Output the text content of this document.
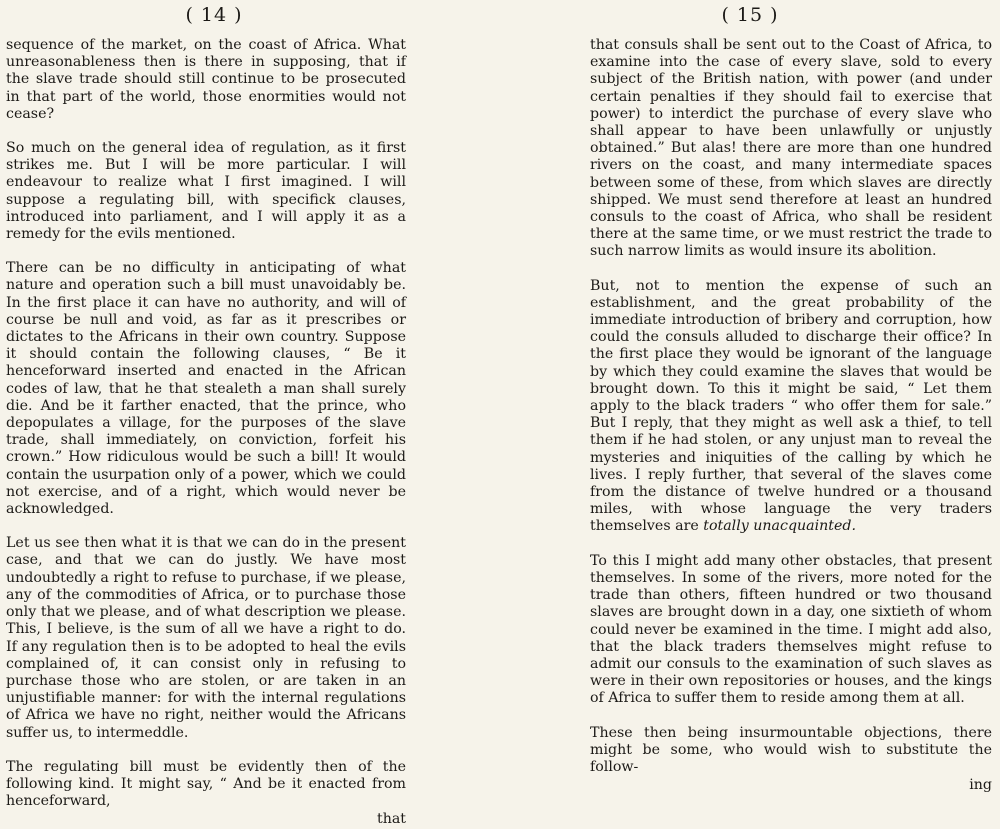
( 14 )

sequence of the market, on the coast of Africa. What unreasonableness then is there in supposing, that if the slave trade should still continue to be prosecuted in that part of the world, those enormities would not cease?

So much on the general idea of regulation, as it first strikes me. But I will be more particular. I will endeavour to realize what I first imagined. I will suppose a regulating bill, with specifick clauses, introduced into parliament, and I will apply it as a remedy for the evils mentioned.

There can be no difficulty in anticipating of what nature and operation such a bill must unavoidably be. In the first place it can have no authority, and will of course be null and void, as far as it prescribes or dictates to the Africans in their own country. Suppose it should contain the following clauses, “ Be it henceforward inserted and enacted in the African codes of law, that he that stealeth a man shall surely die. And be it farther enacted, that the prince, who depopulates a village, for the purposes of the slave trade, shall immediately, on conviction, forfeit his crown.” How ridiculous would be such a bill! It would contain the usurpation only of a power, which we could not exercise, and of a right, which would never be acknowledged.

Let us see then what it is that we can do in the present case, and that we can do justly. We have most undoubtedly a right to refuse to purchase, if we please, any of the commodities of Africa, or to purchase those only that we please, and of what description we please. This, I believe, is the sum of all we have a right to do. If any regulation then is to be adopted to heal the evils complained of, it can consist only in refusing to purchase those who are stolen, or are taken in an unjustifiable manner: for with the internal regulations of Africa we have no right, neither would the Africans suffer us, to intermeddle.

The regulating bill must be evidently then of the following kind. It might say, “ And be it enacted from henceforward,

that
( 15 )

that consuls shall be sent out to the Coast of Africa, to examine into the case of every slave, sold to every subject of the British nation, with power (and under certain penalties if they should fail to exercise that power) to interdict the purchase of every slave who shall appear to have been unlawfully or unjustly obtained.” But alas! there are more than one hundred rivers on the coast, and many intermediate spaces between some of these, from which slaves are directly shipped. We must send therefore at least an hundred consuls to the coast of Africa, who shall be resident there at the same time, or we must restrict the trade to such narrow limits as would insure its abolition.

But, not to mention the expense of such an establishment, and the great probability of the immediate introduction of bribery and corruption, how could the consuls alluded to discharge their office? In the first place they would be ignorant of the language by which they could examine the slaves that would be brought down. To this it might be said, “ Let them apply to the black traders “ who offer them for sale.” But I reply, that they might as well ask a thief, to tell them if he had stolen, or any unjust man to reveal the mysteries and iniquities of the calling by which he lives. I reply further, that several of the slaves come from the distance of twelve hundred or a thousand miles, with whose language the very traders themselves are totally unacquainted.

To this I might add many other obstacles, that present themselves. In some of the rivers, more noted for the trade than others, fifteen hundred or two thousand slaves are brought down in a day, one sixtieth of whom could never be examined in the time. I might add also, that the black traders themselves might refuse to admit our consuls to the examination of such slaves as were in their own repositories or houses, and the kings of Africa to suffer them to reside among them at all.

These then being insurmountable objections, there might be some, who would wish to substitute the follow-

ing
